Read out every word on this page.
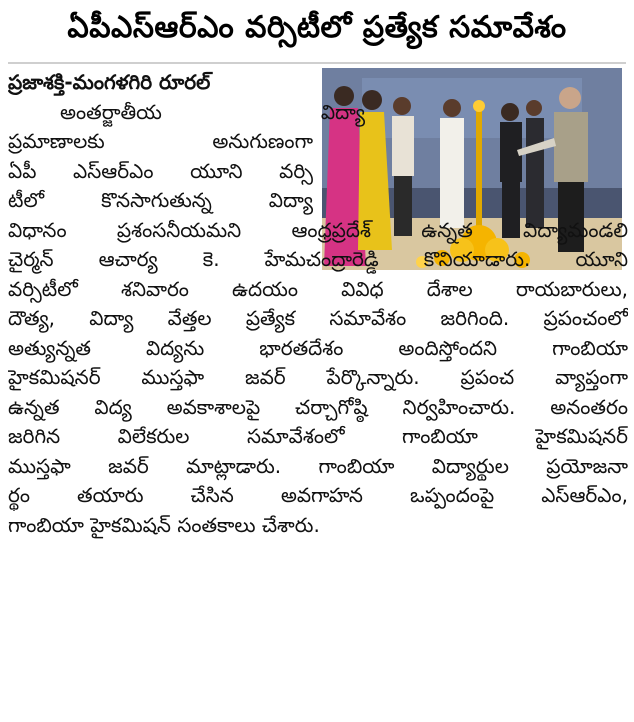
ఏపీఎస్ఆర్ఎం వర్సిటీలో ప్రత్యేక సమావేశం
ప్రజాశక్తి-మంగళగిరి రూరల్
అంతర్జాతీయ విద్యా
ప్రమాణాలకు అనుగుణంగా
ఏపీ ఎస్ఆర్ఎం యూని వర్సి
టీలో కొనసాగుతున్న విద్యా
విధానం ప్రశంసనీయమని ఆంధ్రప్రదేశ్ ఉన్నత విద్యామండలి
చైర్మన్ ఆచార్య కె. హేమచంద్రారెడ్డి కొనియాడారు. యూని
వర్సిటీలో శనివారం ఉదయం వివిధ దేశాల రాయబారులు,
దౌత్య, విద్యా వేత్తల ప్రత్యేక సమావేశం జరిగింది. ప్రపంచంలో
అత్యున్నత విద్యను భారతదేశం అందిస్తోందని గాంబియా
హైకమిషనర్ ముస్తఫా జవర్ పేర్కొన్నారు. ప్రపంచ వ్యాప్తంగా
ఉన్నత విద్య అవకాశాలపై చర్చాగోష్ఠి నిర్వహించారు. అనంతరం
జరిగిన విలేకరుల సమావేశంలో గాంబియా హైకమిషనర్
ముస్తఫా జవర్ మాట్లాడారు. గాంబియా విద్యార్థుల ప్రయోజనా
ర్థం తయారు చేసిన అవగాహన ఒప్పందంపై ఎస్ఆర్ఎం,
గాంబియా హైకమిషన్ సంతకాలు చేశారు.
